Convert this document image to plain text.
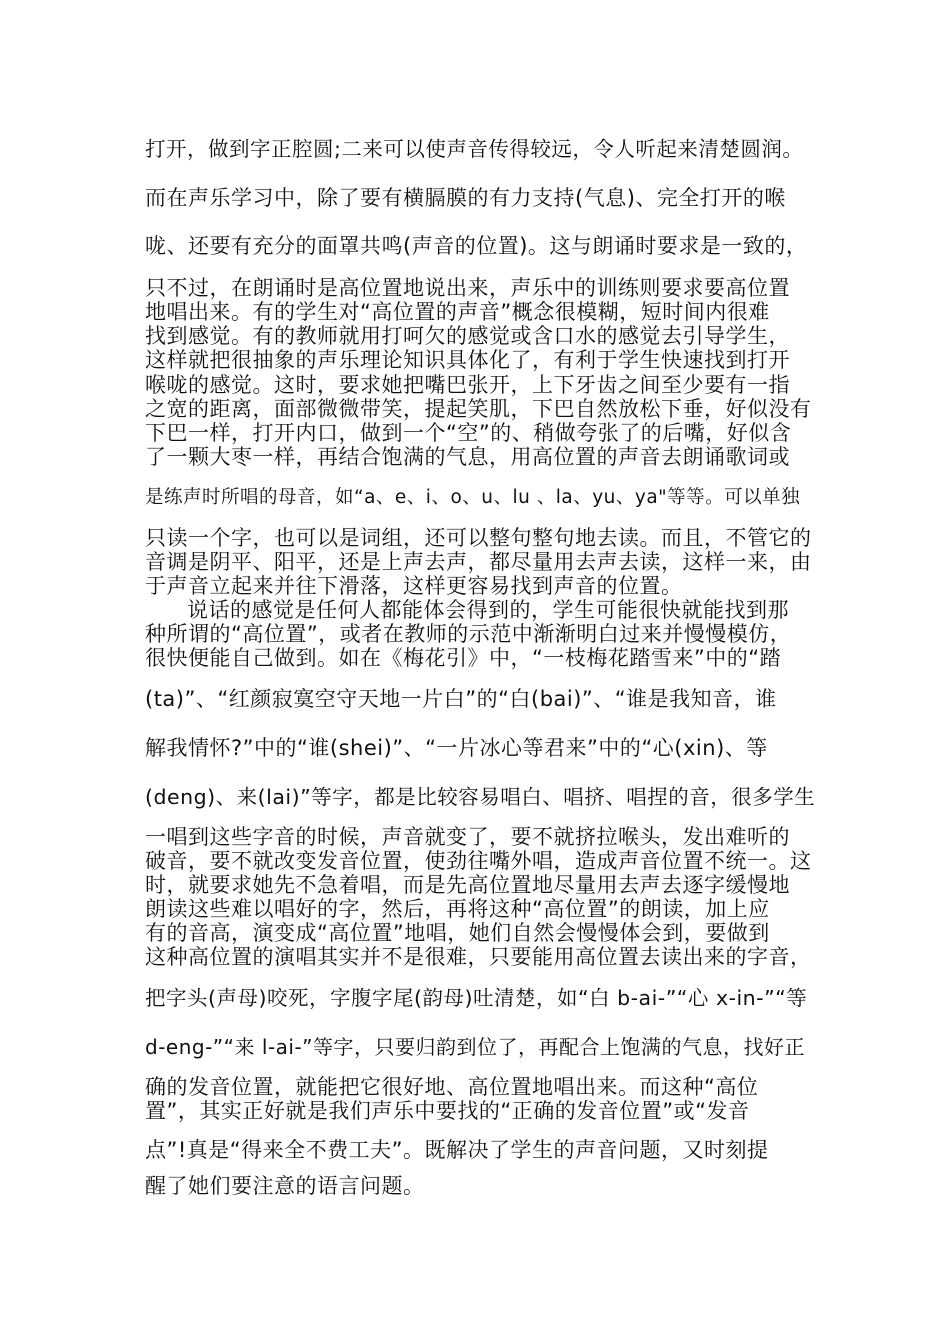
打开，做到字正腔圆;二来可以使声音传得较远，令人听起来清楚圆润。
而在声乐学习中，除了要有横膈膜的有力支持(气息)、完全打开的喉
咙、还要有充分的面罩共鸣(声音的位置)。这与朗诵时要求是一致的，
只不过，在朗诵时是高位置地说出来，声乐中的训练则要求要高位置
地唱出来。有的学生对“高位置的声音”概念很模糊，短时间内很难
找到感觉。有的教师就用打呵欠的感觉或含口水的感觉去引导学生，
这样就把很抽象的声乐理论知识具体化了，有利于学生快速找到打开
喉咙的感觉。这时，要求她把嘴巴张开，上下牙齿之间至少要有一指
之宽的距离，面部微微带笑，提起笑肌，下巴自然放松下垂，好似没有
下巴一样，打开内口，做到一个“空”的、稍做夸张了的后嘴，好似含
了一颗大枣一样，再结合饱满的气息，用高位置的声音去朗诵歌词或
是练声时所唱的母音，如“a、e、i、o、u、lu 、la、yu、ya"等等。可以单独
只读一个字，也可以是词组，还可以整句整句地去读。而且，不管它的
音调是阴平、阳平，还是上声去声，都尽量用去声去读，这样一来，由
于声音立起来并往下滑落，这样更容易找到声音的位置。
说话的感觉是任何人都能体会得到的，学生可能很快就能找到那
种所谓的“高位置”，或者在教师的示范中渐渐明白过来并慢慢模仿，
很快便能自己做到。如在《梅花引》中，“一枝梅花踏雪来”中的“踏
(ta)”、“红颜寂寞空守天地一片白”的“白(bai)”、“谁是我知音，谁
解我情怀?”中的“谁(shei)”、“一片冰心等君来”中的“心(xin)、等
(deng)、来(lai)”等字，都是比较容易唱白、唱挤、唱捏的音，很多学生
一唱到这些字音的时候，声音就变了，要不就挤拉喉头，发出难听的
破音，要不就改变发音位置，使劲往嘴外唱，造成声音位置不统一。这
时，就要求她先不急着唱，而是先高位置地尽量用去声去逐字缓慢地
朗读这些难以唱好的字，然后，再将这种“高位置”的朗读，加上应
有的音高，演变成“高位置”地唱，她们自然会慢慢体会到，要做到
这种高位置的演唱其实并不是很难，只要能用高位置去读出来的字音，
把字头(声母)咬死，字腹字尾(韵母)吐清楚，如“白 b-ai-”“心 x-in-”“等
d-eng-”“来 l-ai-”等字，只要归韵到位了，再配合上饱满的气息，找好正
确的发音位置，就能把它很好地、高位置地唱出来。而这种“高位
置”，其实正好就是我们声乐中要找的“正确的发音位置”或“发音
点”!真是“得来全不费工夫”。既解决了学生的声音问题，又时刻提
醒了她们要注意的语言问题。
